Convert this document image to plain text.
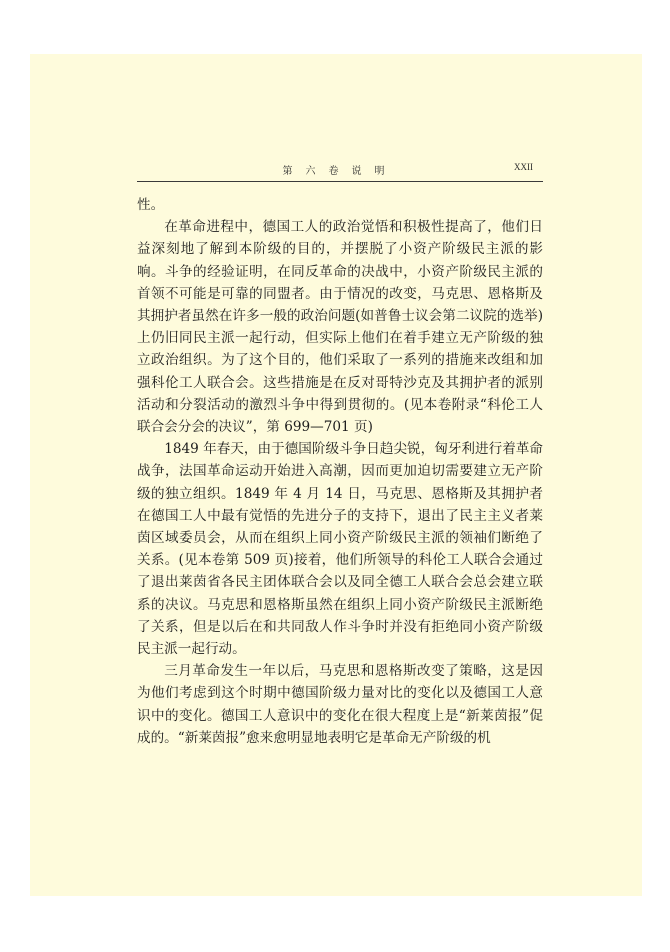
第六卷说明	XXII

性。

在革命进程中，德国工人的政治觉悟和积极性提高了，他们日益深刻地了解到本阶级的目的，并摆脱了小资产阶级民主派的影响。斗争的经验证明，在同反革命的决战中，小资产阶级民主派的首领不可能是可靠的同盟者。由于情况的改变，马克思、恩格斯及其拥护者虽然在许多一般的政治问题(如普鲁士议会第二议院的选举)上仍旧同民主派一起行动，但实际上他们在着手建立无产阶级的独立政治组织。为了这个目的，他们采取了一系列的措施来改组和加强科伦工人联合会。这些措施是在反对哥特沙克及其拥护者的派别活动和分裂活动的激烈斗争中得到贯彻的。(见本卷附录“科伦工人联合会分会的决议”，第 699—701 页)

1849 年春天，由于德国阶级斗争日趋尖锐，匈牙利进行着革命战争，法国革命运动开始进入高潮，因而更加迫切需要建立无产阶级的独立组织。1849 年 4 月 14 日，马克思、恩格斯及其拥护者在德国工人中最有觉悟的先进分子的支持下，退出了民主主义者莱茵区域委员会，从而在组织上同小资产阶级民主派的领袖们断绝了关系。(见本卷第 509 页)接着，他们所领导的科伦工人联合会通过了退出莱茵省各民主团体联合会以及同全德工人联合会总会建立联系的决议。马克思和恩格斯虽然在组织上同小资产阶级民主派断绝了关系，但是以后在和共同敌人作斗争时并没有拒绝同小资产阶级民主派一起行动。

三月革命发生一年以后，马克思和恩格斯改变了策略，这是因为他们考虑到这个时期中德国阶级力量对比的变化以及德国工人意识中的变化。德国工人意识中的变化在很大程度上是“新莱茵报”促成的。“新莱茵报”愈来愈明显地表明它是革命无产阶级的机
